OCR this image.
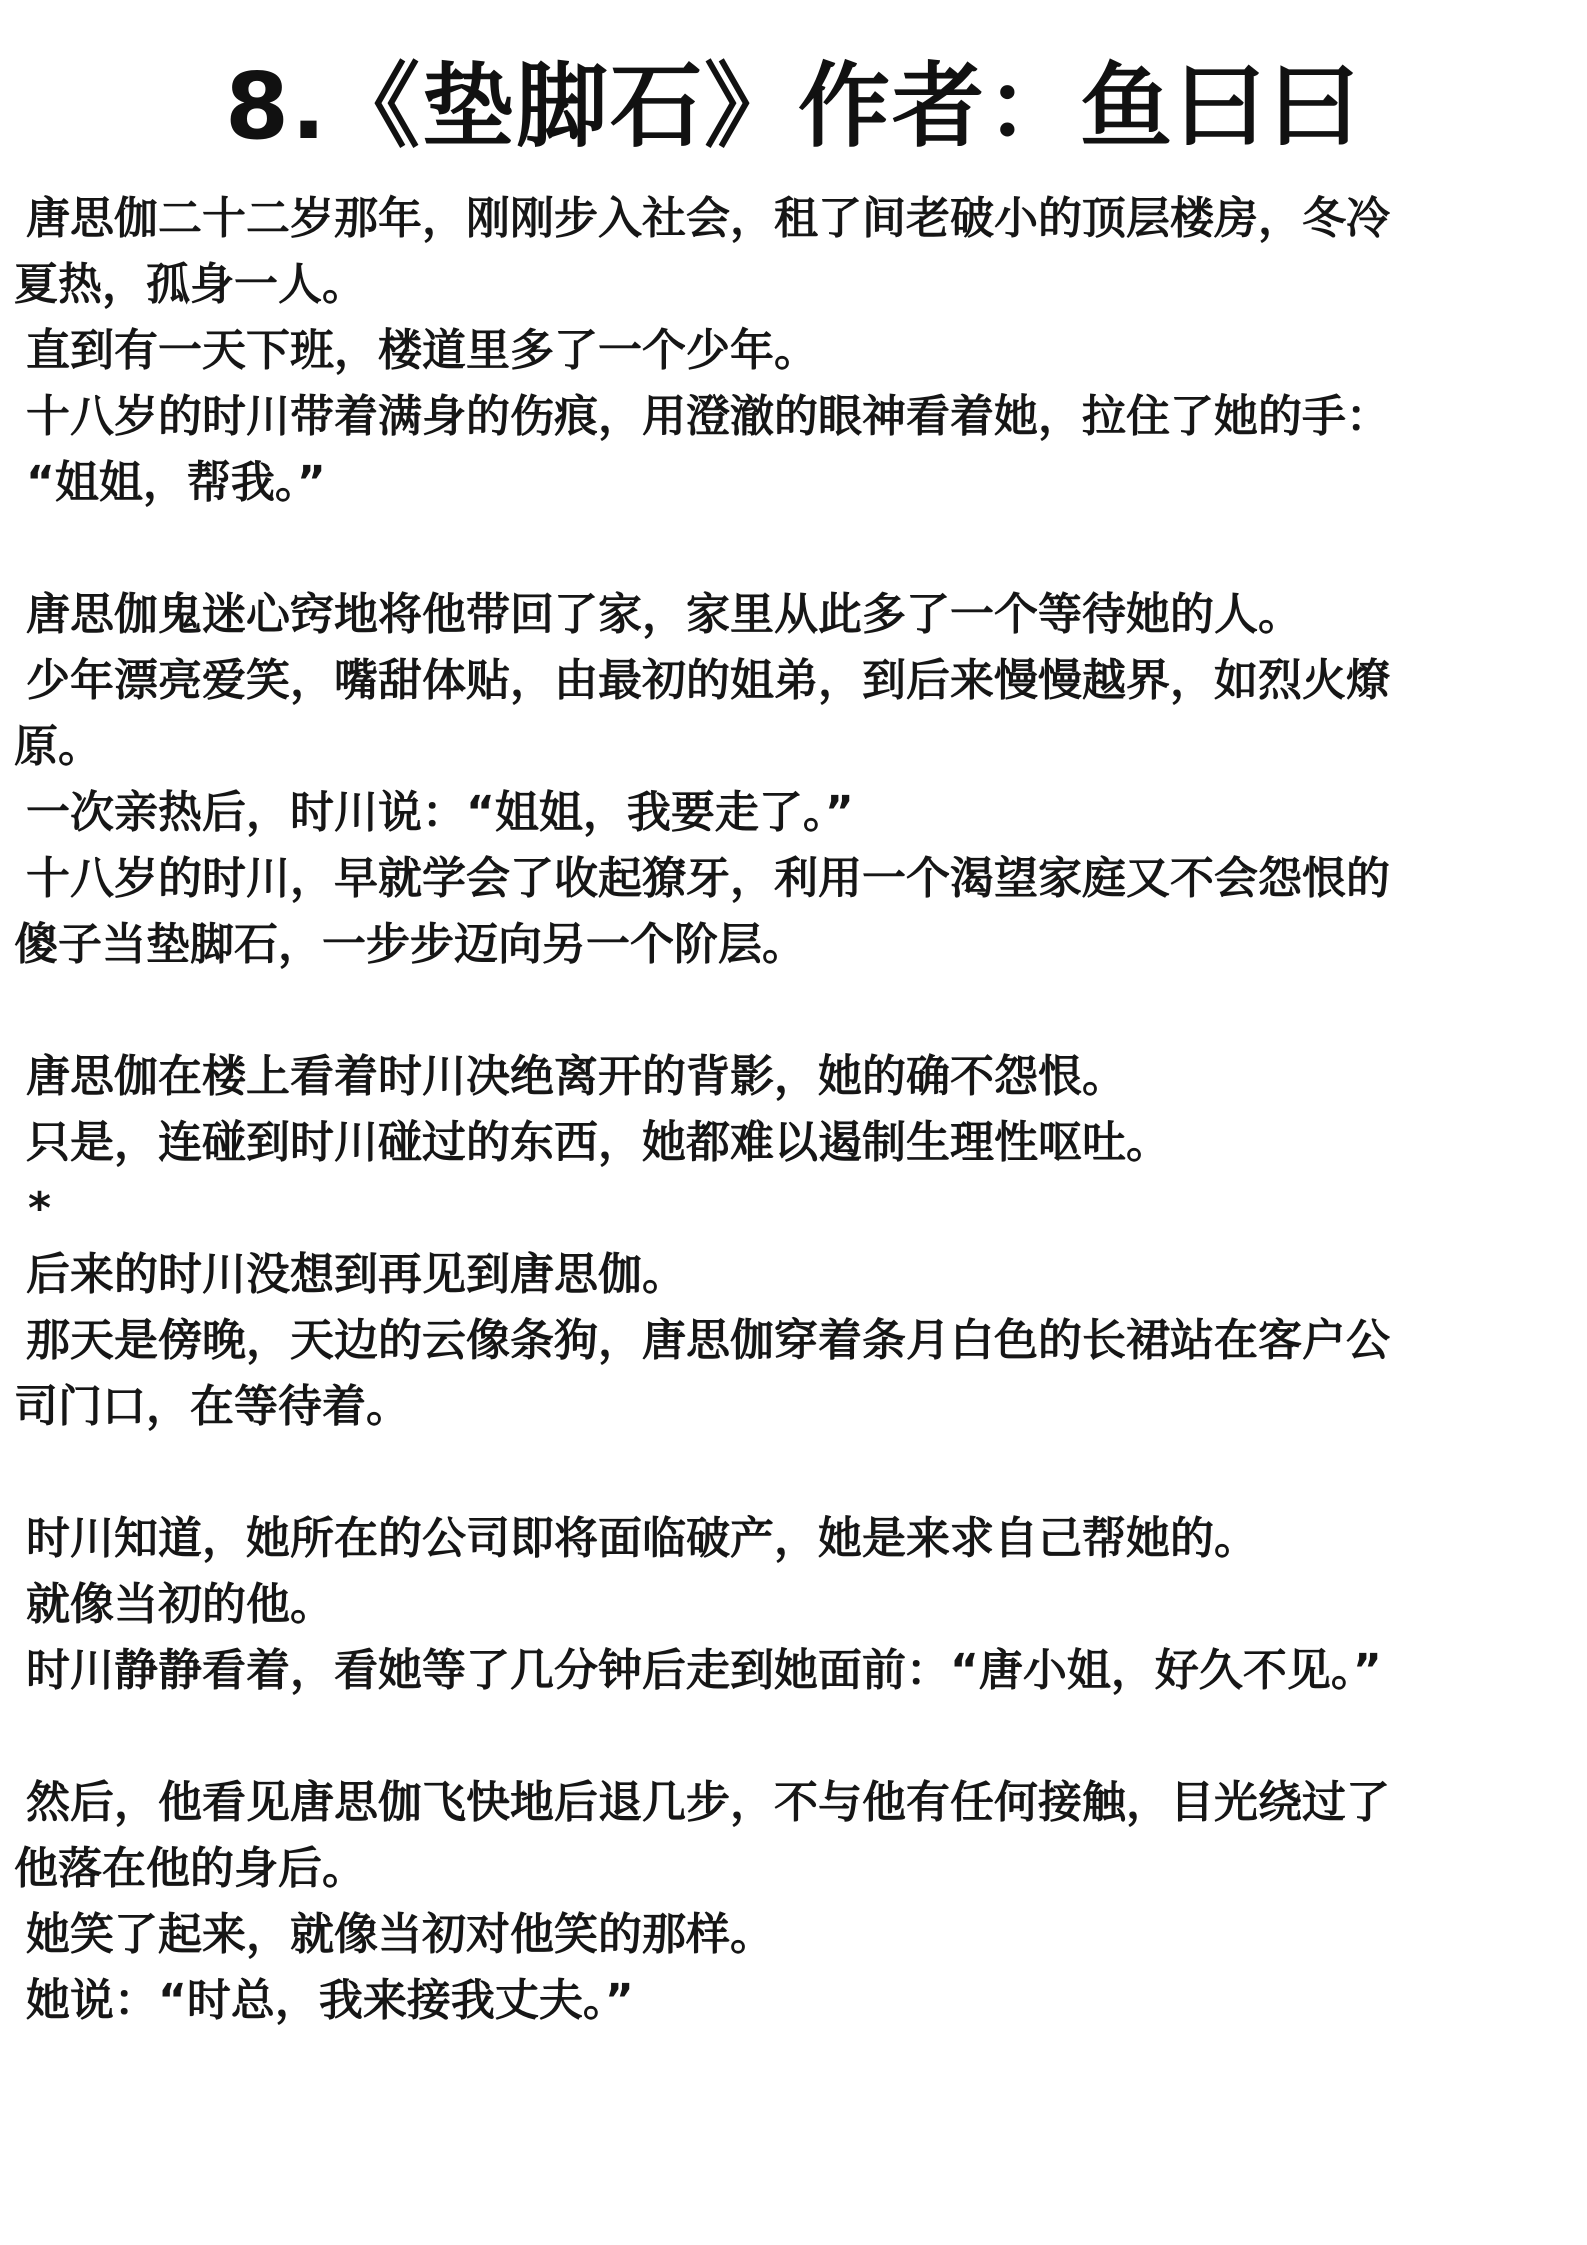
8.《垫脚石》作者：鱼曰曰

唐思伽二十二岁那年，刚刚步入社会，租了间老破小的顶层楼房，冬冷

夏热，孤身一人。

直到有一天下班，楼道里多了一个少年。

十八岁的时川带着满身的伤痕，用澄澈的眼神看着她，拉住了她的手：

“姐姐，帮我。”

唐思伽鬼迷心窍地将他带回了家，家里从此多了一个等待她的人。

少年漂亮爱笑，嘴甜体贴，由最初的姐弟，到后来慢慢越界，如烈火燎

原。

一次亲热后，时川说：“姐姐，我要走了。”

十八岁的时川，早就学会了收起獠牙，利用一个渴望家庭又不会怨恨的

傻子当垫脚石，一步步迈向另一个阶层。

唐思伽在楼上看着时川决绝离开的背影，她的确不怨恨。

只是，连碰到时川碰过的东西，她都难以遏制生理性呕吐。

*

后来的时川没想到再见到唐思伽。

那天是傍晚，天边的云像条狗，唐思伽穿着条月白色的长裙站在客户公

司门口，在等待着。

时川知道，她所在的公司即将面临破产，她是来求自己帮她的。

就像当初的他。

时川静静看着，看她等了几分钟后走到她面前：“唐小姐，好久不见。”

然后，他看见唐思伽飞快地后退几步，不与他有任何接触，目光绕过了

他落在他的身后。

她笑了起来，就像当初对他笑的那样。

她说：“时总，我来接我丈夫。”
